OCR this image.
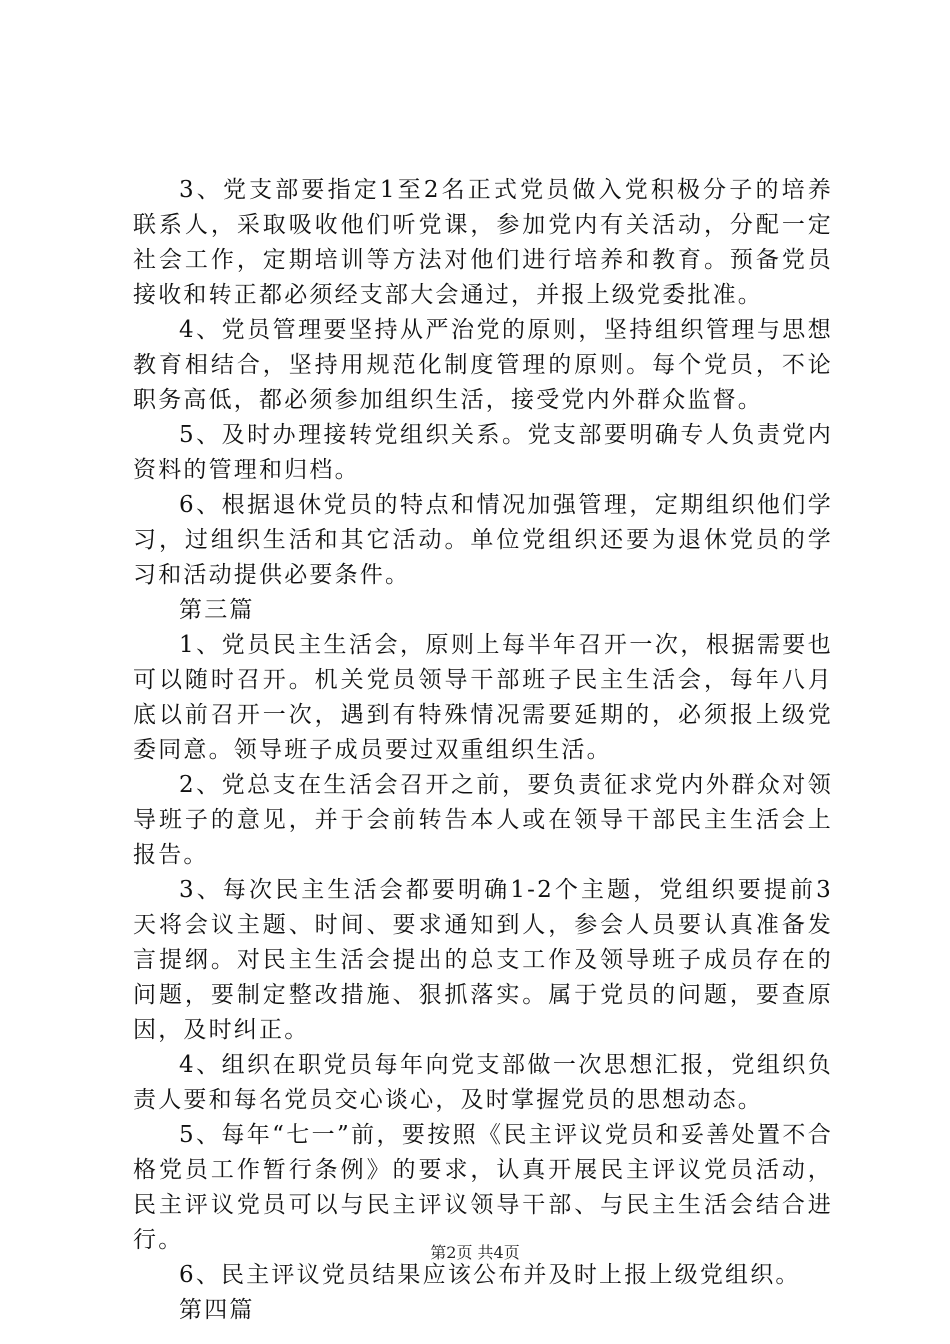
3、党支部要指定1至2名正式党员做入党积极分子的培养联系人，采取吸收他们听党课，参加党内有关活动，分配一定社会工作，定期培训等方法对他们进行培养和教育。预备党员接收和转正都必须经支部大会通过，并报上级党委批准。

4、党员管理要坚持从严治党的原则，坚持组织管理与思想教育相结合，坚持用规范化制度管理的原则。每个党员，不论职务高低，都必须参加组织生活，接受党内外群众监督。

5、及时办理接转党组织关系。党支部要明确专人负责党内资料的管理和归档。

6、根据退休党员的特点和情况加强管理，定期组织他们学习，过组织生活和其它活动。单位党组织还要为退休党员的学习和活动提供必要条件。

第三篇

1、党员民主生活会，原则上每半年召开一次，根据需要也可以随时召开。机关党员领导干部班子民主生活会，每年八月底以前召开一次，遇到有特殊情况需要延期的，必须报上级党委同意。领导班子成员要过双重组织生活。

2、党总支在生活会召开之前，要负责征求党内外群众对领导班子的意见，并于会前转告本人或在领导干部民主生活会上报告。

3、每次民主生活会都要明确1-2个主题，党组织要提前3天将会议主题、时间、要求通知到人，参会人员要认真准备发言提纲。对民主生活会提出的总支工作及领导班子成员存在的问题，要制定整改措施、狠抓落实。属于党员的问题，要查原因，及时纠正。

4、组织在职党员每年向党支部做一次思想汇报，党组织负责人要和每名党员交心谈心，及时掌握党员的思想动态。

5、每年“七一”前，要按照《民主评议党员和妥善处置不合格党员工作暂行条例》的要求，认真开展民主评议党员活动，民主评议党员可以与民主评议领导干部、与民主生活会结合进行。

6、民主评议党员结果应该公布并及时上报上级党组织。

第四篇

第2页 共4页
